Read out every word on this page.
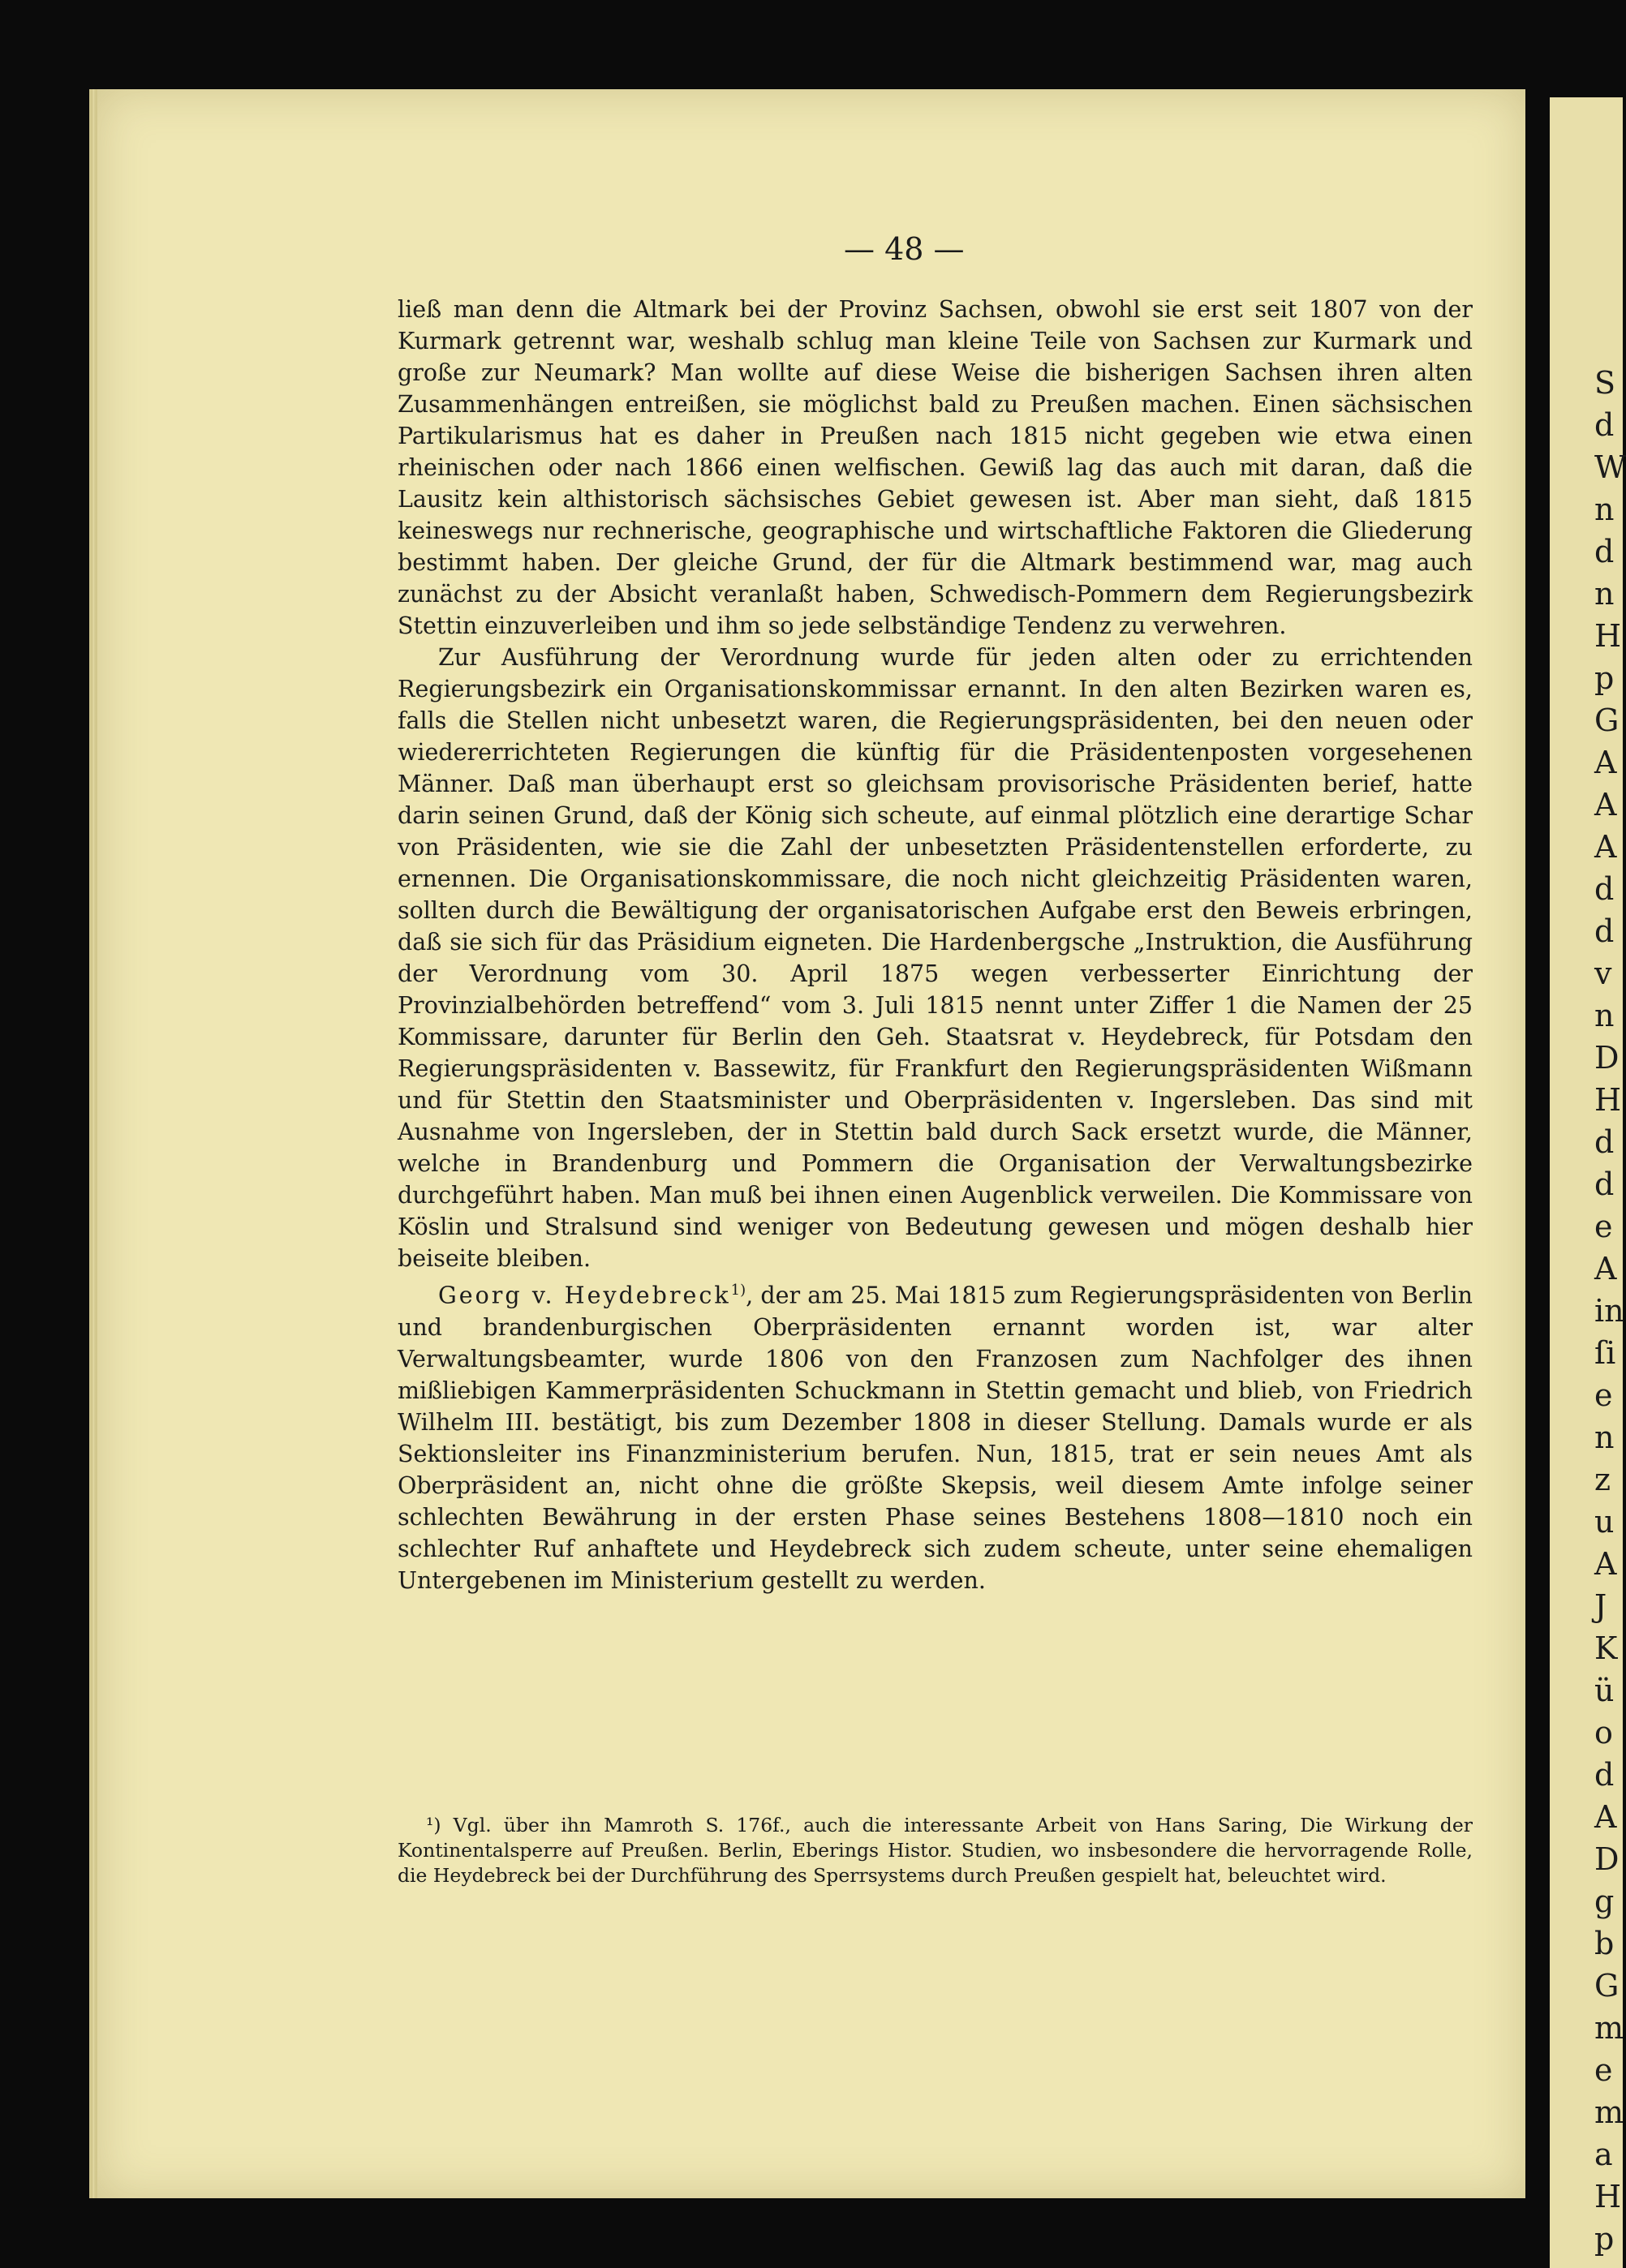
S
d
W
n
d
n
H
p
G
A
A
A
d
d
v
n
D
H
d
d
e
A
in
ſi
e
n
z
u
A
J
K
ü
o
d
A
D
g
b
G
m
e
m
a
H
p
— 48 —

ließ man denn die Altmark bei der Provinz Sachsen, obwohl sie erst seit 1807 von der Kurmark getrennt war, weshalb schlug man kleine Teile von Sachsen zur Kurmark und große zur Neumark? Man wollte auf diese Weise die bisherigen Sachsen ihren alten Zusammenhängen entreißen, sie möglichst bald zu Preußen machen. Einen sächsischen Partikularismus hat es daher in Preußen nach 1815 nicht gegeben wie etwa einen rheinischen oder nach 1866 einen welfischen. Gewiß lag das auch mit daran, daß die Lausitz kein althistorisch sächsisches Gebiet gewesen ist. Aber man sieht, daß 1815 keineswegs nur rechnerische, geographische und wirtschaftliche Faktoren die Gliederung bestimmt haben. Der gleiche Grund, der für die Altmark bestimmend war, mag auch zunächst zu der Absicht veranlaßt haben, Schwedisch-Pommern dem Regierungsbezirk Stettin einzuverleiben und ihm so jede selbständige Tendenz zu verwehren.

Zur Ausführung der Verordnung wurde für jeden alten oder zu errichtenden Regierungsbezirk ein Organisationskommissar ernannt. In den alten Bezirken waren es, falls die Stellen nicht unbesetzt waren, die Regierungspräsidenten, bei den neuen oder wiedererrichteten Regierungen die künftig für die Präsidentenposten vorgesehenen Männer. Daß man überhaupt erst so gleichsam provisorische Präsidenten berief, hatte darin seinen Grund, daß der König sich scheute, auf einmal plötzlich eine derartige Schar von Präsidenten, wie sie die Zahl der unbesetzten Präsidentenstellen erforderte, zu ernennen. Die Organisationskommissare, die noch nicht gleichzeitig Präsidenten waren, sollten durch die Bewältigung der organisatorischen Aufgabe erst den Beweis erbringen, daß sie sich für das Präsidium eigneten. Die Hardenbergsche „Instruktion, die Ausführung der Verordnung vom 30. April 1875 wegen verbesserter Einrichtung der Provinzialbehörden betreffend“ vom 3. Juli 1815 nennt unter Ziffer 1 die Namen der 25 Kommissare, darunter für Berlin den Geh. Staatsrat v. Heydebreck, für Potsdam den Regierungspräsidenten v. Bassewitz, für Frankfurt den Regierungspräsidenten Wißmann und für Stettin den Staatsminister und Oberpräsidenten v. Ingersleben. Das sind mit Ausnahme von Ingersleben, der in Stettin bald durch Sack ersetzt wurde, die Männer, welche in Brandenburg und Pommern die Organisation der Verwaltungsbezirke durchgeführt haben. Man muß bei ihnen einen Augenblick verweilen. Die Kommissare von Köslin und Stralsund sind weniger von Bedeutung gewesen und mögen deshalb hier beiseite bleiben.

Georg v. Heydebreck$^{1)}$, der am 25. Mai 1815 zum Regierungspräsidenten von Berlin und brandenburgischen Oberpräsidenten ernannt worden ist, war alter Verwaltungsbeamter, wurde 1806 von den Franzosen zum Nachfolger des ihnen mißliebigen Kammerpräsidenten Schuckmann in Stettin gemacht und blieb, von Friedrich Wilhelm III. bestätigt, bis zum Dezember 1808 in dieser Stellung. Damals wurde er als Sektionsleiter ins Finanzministerium berufen. Nun, 1815, trat er sein neues Amt als Oberpräsident an, nicht ohne die größte Skepsis, weil diesem Amte infolge seiner schlechten Bewährung in der ersten Phase seines Bestehens 1808—1810 noch ein schlechter Ruf anhaftete und Heydebreck sich zudem scheute, unter seine ehemaligen Untergebenen im Ministerium gestellt zu werden.

¹) Vgl. über ihn Mamroth S. 176f., auch die interessante Arbeit von Hans Saring, Die Wirkung der Kontinentalsperre auf Preußen. Berlin, Eberings Histor. Studien, wo insbesondere die hervorragende Rolle, die Heydebreck bei der Durchführung des Sperrsystems durch Preußen gespielt hat, beleuchtet wird.
